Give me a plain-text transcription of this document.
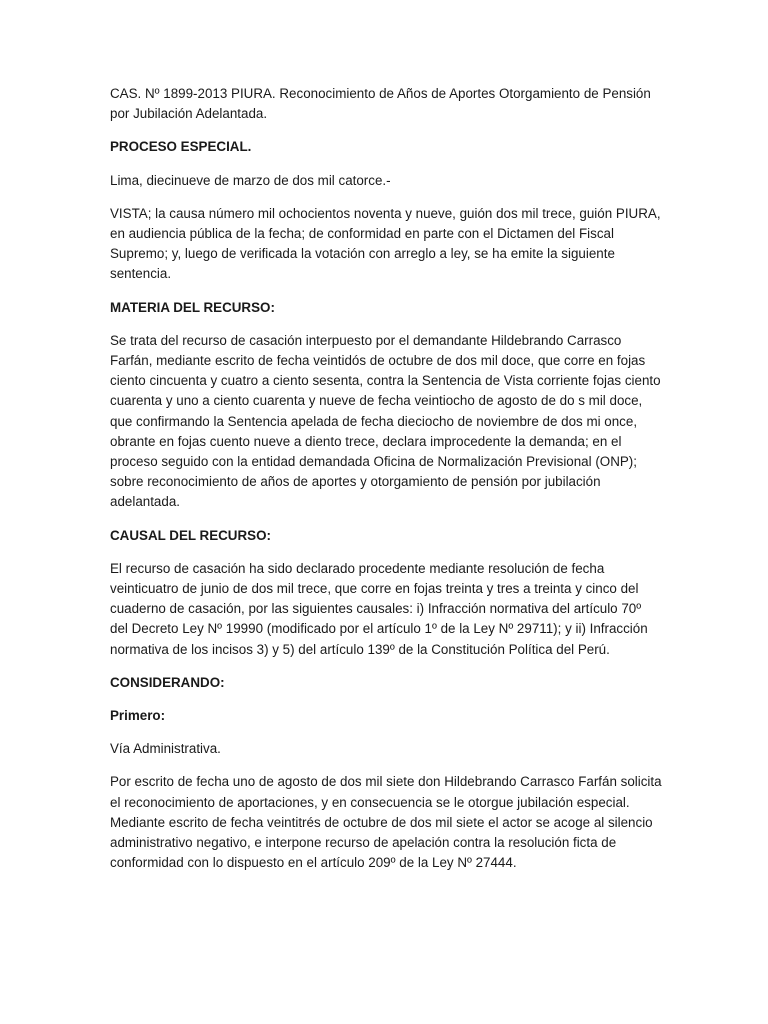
CAS. Nº 1899-2013 PIURA. Reconocimiento de Años de Aportes Otorgamiento de Pensión por Jubilación Adelantada.

PROCESO ESPECIAL.

Lima, diecinueve de marzo de dos mil catorce.-

VISTA; la causa número mil ochocientos noventa y nueve, guión dos mil trece, guión PIURA, en audiencia pública de la fecha; de conformidad en parte con el Dictamen del Fiscal Supremo; y, luego de verificada la votación con arreglo a ley, se ha emite la siguiente sentencia.

MATERIA DEL RECURSO:

Se trata del recurso de casación interpuesto por el demandante Hildebrando Carrasco Farfán, mediante escrito de fecha veintidós de octubre de dos mil doce, que corre en fojas ciento cincuenta y cuatro a ciento sesenta, contra la Sentencia de Vista corriente fojas ciento cuarenta y uno a ciento cuarenta y nueve de fecha veintiocho de agosto de do s mil doce, que confirmando la Sentencia apelada de fecha dieciocho de noviembre de dos mi once, obrante en fojas cuento nueve a diento trece, declara improcedente la demanda; en el proceso seguido con la entidad demandada Oficina de Normalización Previsional (ONP); sobre reconocimiento de años de aportes y otorgamiento de pensión por jubilación adelantada.

CAUSAL DEL RECURSO:

El recurso de casación ha sido declarado procedente mediante resolución de fecha veinticuatro de junio de dos mil trece, que corre en fojas treinta y tres a treinta y cinco del cuaderno de casación, por las siguientes causales: i) Infracción normativa del artículo 70º del Decreto Ley Nº 19990 (modificado por el artículo 1º de la Ley Nº 29711); y ii) Infracción normativa de los incisos 3) y 5) del artículo 139º de la Constitución Política del Perú.

CONSIDERANDO:

Primero:

Vía Administrativa.

Por escrito de fecha uno de agosto de dos mil siete don Hildebrando Carrasco Farfán solicita el reconocimiento de aportaciones, y en consecuencia se le otorgue jubilación especial. Mediante escrito de fecha veintitrés de octubre de dos mil siete el actor se acoge al silencio administrativo negativo, e interpone recurso de apelación contra la resolución ficta de conformidad con lo dispuesto en el artículo 209º de la Ley Nº 27444.
